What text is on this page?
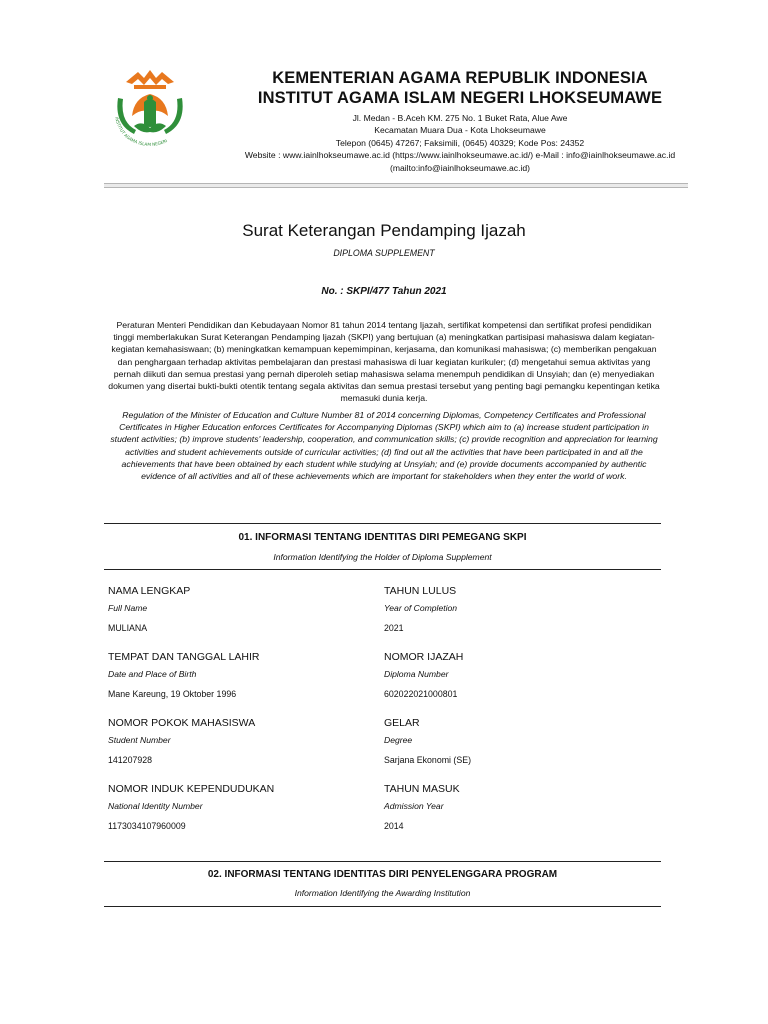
INSTITUT AGAMA ISLAM NEGERI
KEMENTERIAN AGAMA REPUBLIK INDONESIA
INSTITUT AGAMA ISLAM NEGERI LHOKSEUMAWE
Jl. Medan - B.Aceh KM. 275 No. 1 Buket Rata, Alue Awe
Kecamatan Muara Dua - Kota Lhokseumawe
Telepon (0645) 47267; Faksimili, (0645) 40329; Kode Pos: 24352
Website : www.iainlhokseumawe.ac.id (https://www.iainlhokseumawe.ac.id/) e-Mail : info@iainlhokseumawe.ac.id
(mailto:info@iainlhokseumawe.ac.id)
Surat Keterangan Pendamping Ijazah
DIPLOMA SUPPLEMENT
No. : SKPI/477 Tahun 2021
Peraturan Menteri Pendidikan dan Kebudayaan Nomor 81 tahun 2014 tentang Ijazah, sertifikat kompetensi dan sertifikat profesi pendidikan tinggi memberlakukan Surat Keterangan Pendamping Ijazah (SKPI) yang bertujuan (a) meningkatkan partisipasi mahasiswa dalam kegiatan-kegiatan kemahasiswaan; (b) meningkatkan kemampuan kepemimpinan, kerjasama, dan komunikasi mahasiswa; (c) memberikan pengakuan dan penghargaan terhadap aktivitas pembelajaran dan prestasi mahasiswa di luar kegiatan kurikuler; (d) mengetahui semua aktivitas yang pernah diikuti dan semua prestasi yang pernah diperoleh setiap mahasiswa selama menempuh pendidikan di Unsyiah; dan (e) menyediakan dokumen yang disertai bukti-bukti otentik tentang segala aktivitas dan semua prestasi tersebut yang penting bagi pemangku kepentingan ketika memasuki dunia kerja.
Regulation of the Minister of Education and Culture Number 81 of 2014 concerning Diplomas, Competency Certificates and Professional Certificates in Higher Education enforces Certificates for Accompanying Diplomas (SKPI) which aim to (a) increase student participation in student activities; (b) improve students' leadership, cooperation, and communication skills; (c) provide recognition and appreciation for learning activities and student achievements outside of curricular activities; (d) find out all the activities that have been participated in and all the achievements that have been obtained by each student while studying at Unsyiah; and (e) provide documents accompanied by authentic evidence of all activities and all of these achievements which are important for stakeholders when they enter the world of work.
01. INFORMASI TENTANG IDENTITAS DIRI PEMEGANG SKPI
Information Identifying the Holder of Diploma Supplement
NAMA LENGKAP
Full Name
MULIANA
TAHUN LULUS
Year of Completion
2021
TEMPAT DAN TANGGAL LAHIR
Date and Place of Birth
Mane Kareung, 19 Oktober 1996
NOMOR IJAZAH
Diploma Number
602022021000801
NOMOR POKOK MAHASISWA
Student Number
141207928
GELAR
Degree
Sarjana Ekonomi (SE)
NOMOR INDUK KEPENDUDUKAN
National Identity Number
1173034107960009
TAHUN MASUK
Admission Year
2014
02. INFORMASI TENTANG IDENTITAS DIRI PENYELENGGARA PROGRAM
Information Identifying the Awarding Institution
